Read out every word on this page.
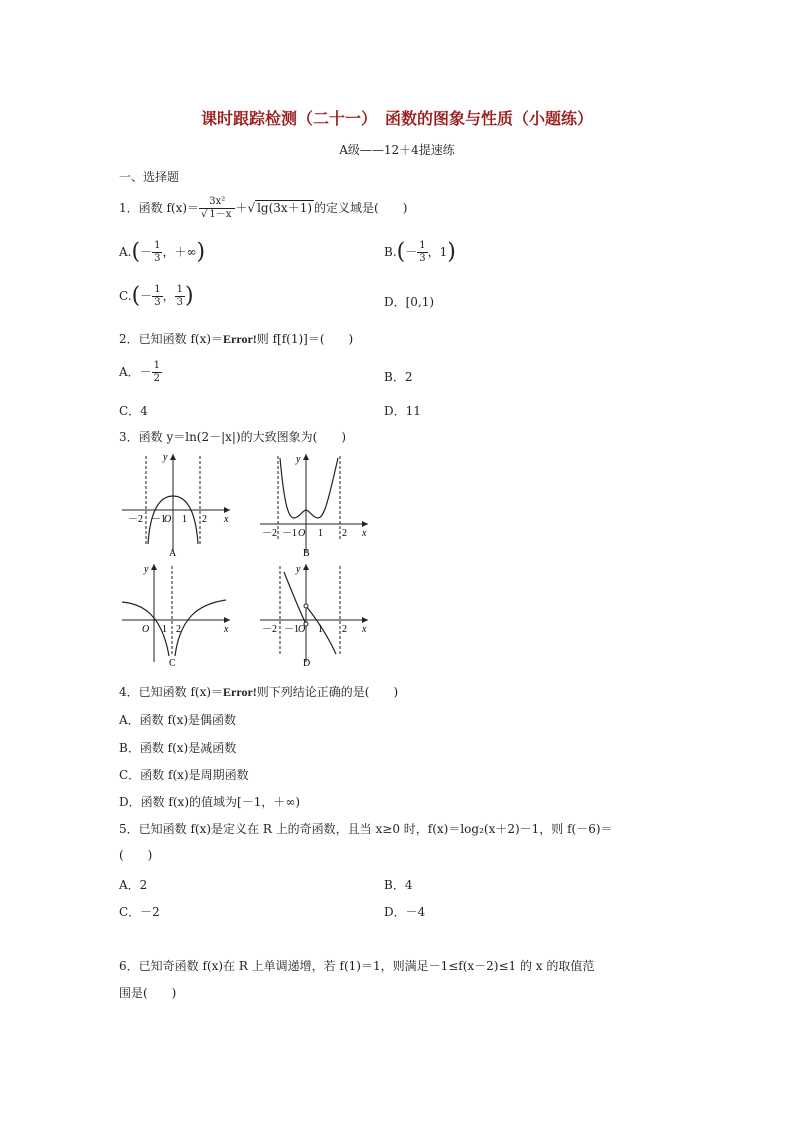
课时跟踪检测（二十一）　函数的图象与性质（小题练）
A级——12＋4提速练
一、选择题
1．函数 $f(x)= \frac{\text{3x²}}{√ 1-x}$ ＋√ lg(3x＋1) 的定义域是(　　)
$A.(- \frac{1}{3}$ ，＋∞)	$B.(- \frac{1}{3}$ ，1)
$C.(- \frac{1}{3}$ ， $\frac{1}{3}$ )	D．[0,1)
2．已知函数 f(x)＝Error!则 f[f(1)]＝(　　)
A．－ $\frac{1}{2}$	B．2
C．4	D．11
3．函数 y＝ln(2－|x|)的大致图象为(　　)
y
x
－2 －1
O 1 2
A
y
x
－2 －1 O 1 2
B
y
x
O 1 2
C
y
x
－2 －1 O 1 2
D
4．已知函数 f(x)＝Error!则下列结论正确的是(　　)
A．函数 f(x)是偶函数
B．函数 f(x)是减函数
C．函数 f(x)是周期函数
D．函数 f(x)的值域为[－1，＋∞)
5．已知函数 f(x)是定义在 R 上的奇函数，且当 x≥0 时，f(x)＝log₂(x＋2)－1，则 f(－6)＝
(　　)
A．2	B．4
C．－2	D．－4
6．已知奇函数 f(x)在 R 上单调递增，若 f(1)＝1，则满足－1≤f(x－2)≤1 的 x 的取值范
围是(　　)
